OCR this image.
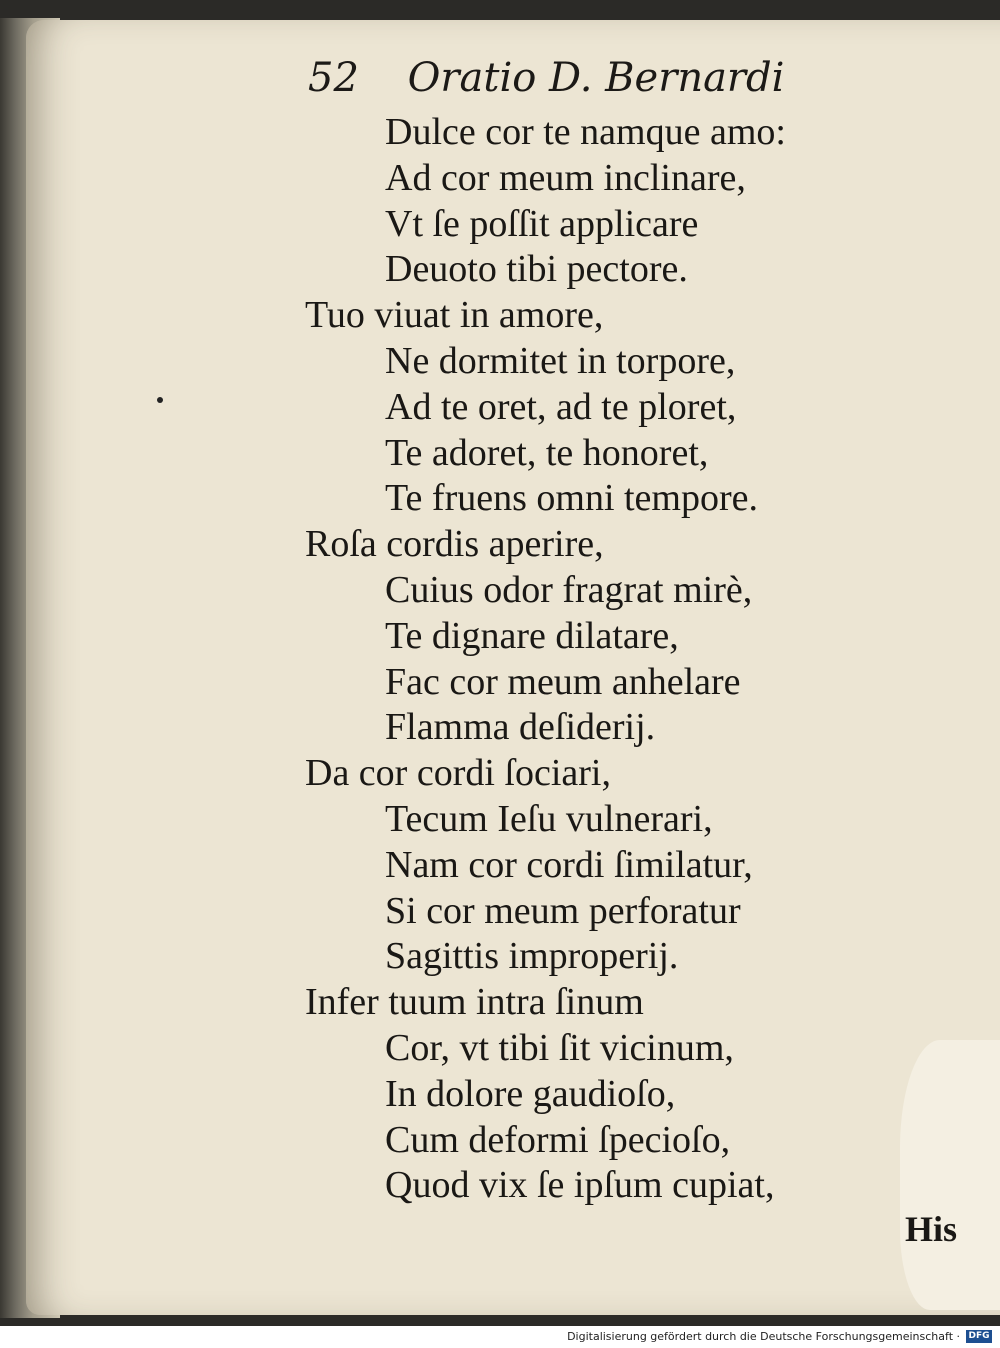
52 Oratio D. Bernardi
Dulce cor te namque amo:
Ad cor meum inclinare,
Vt ſe poſſit applicare
Deuoto tibi pectore.
Tuo viuat in amore,
Ne dormitet in torpore,
Ad te oret, ad te ploret,
Te adoret, te honoret,
Te fruens omni tempore.
Roſa cordis aperire,
Cuius odor fragrat mirè,
Te dignare dilatare,
Fac cor meum anhelare
Flamma deſiderij.
Da cor cordi ſociari,
Tecum Ieſu vulnerari,
Nam cor cordi ſimilatur,
Si cor meum perforatur
Sagittis improperij.
Infer tuum intra ſinum
Cor, vt tibi ſit vicinum,
In dolore gaudioſo,
Cum deformi ſpecioſo,
Quod vix ſe ipſum cupiat,
His
Digitalisierung gefördert durch die Deutsche Forschungsgemeinschaft · DFG
